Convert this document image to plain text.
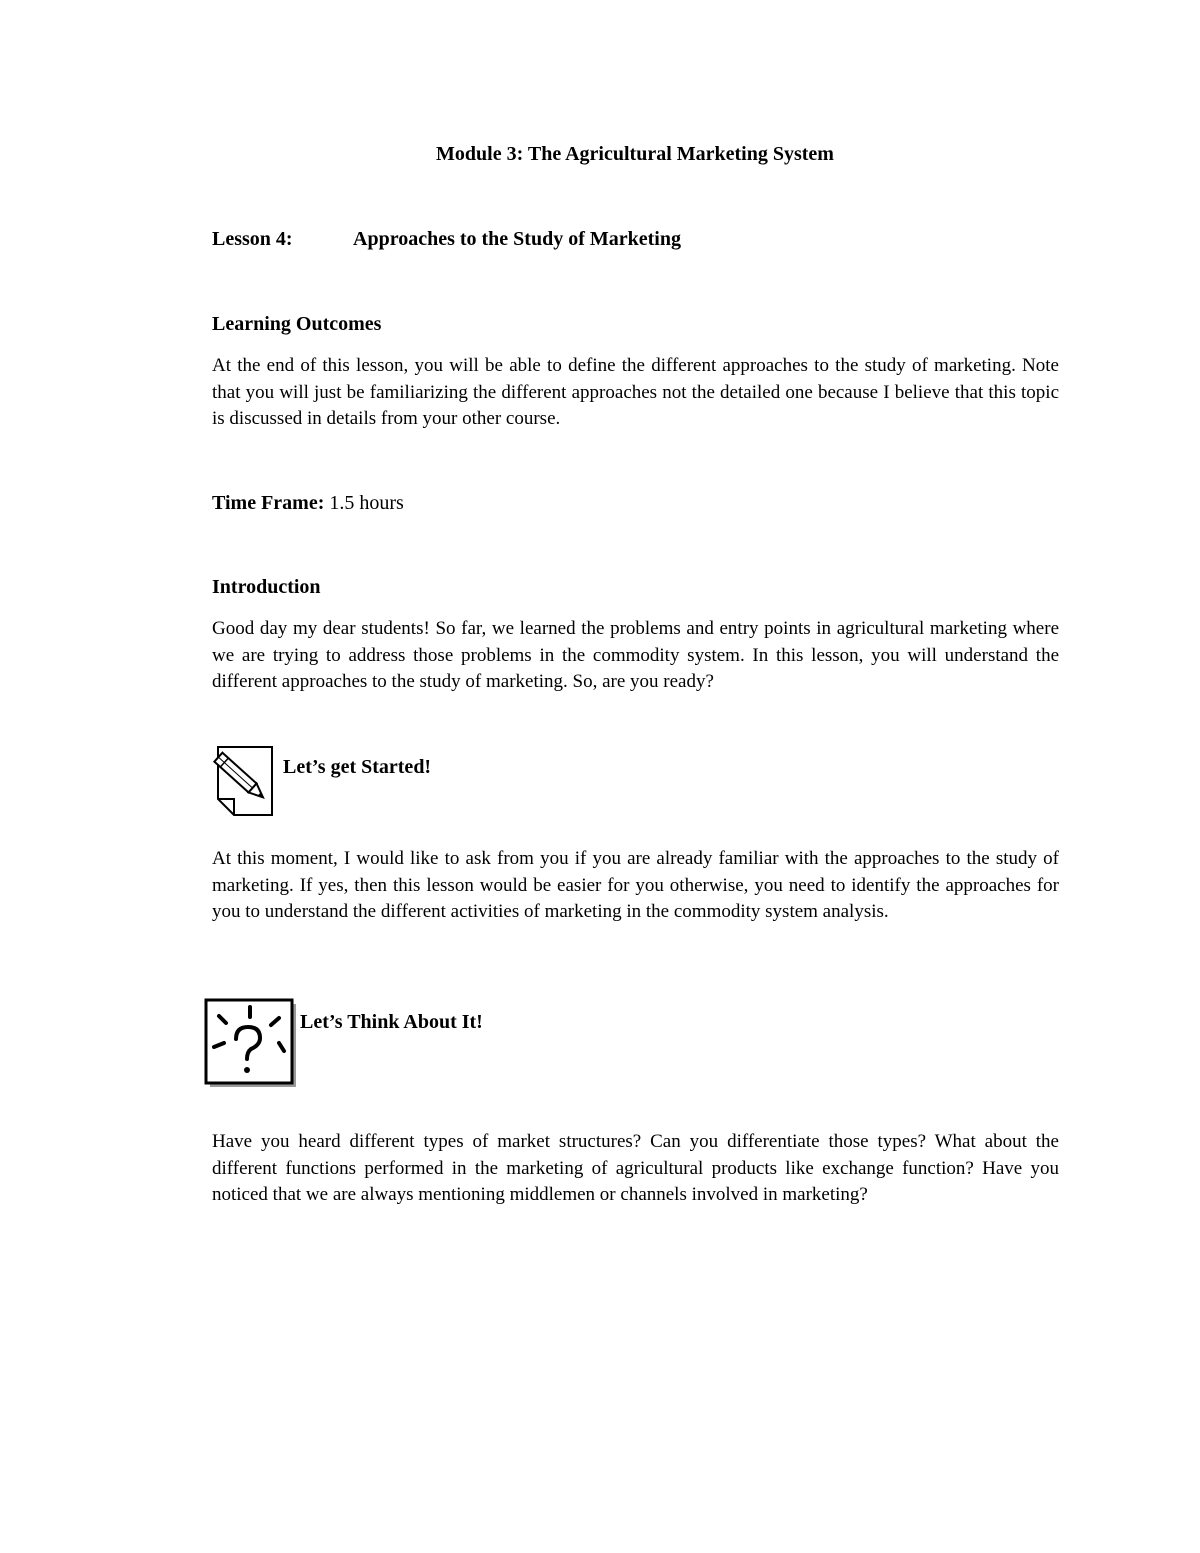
Module 3: The Agricultural Marketing System
Lesson 4:	Approaches to the Study of Marketing
Learning Outcomes
At the end of this lesson, you will be able to define the different approaches to the study of marketing. Note that you will just be familiarizing the different approaches not the detailed one because I believe that this topic is discussed in details from your other course.
Time Frame: 1.5 hours
Introduction
Good day my dear students! So far, we learned the problems and entry points in agricultural marketing where we are trying to address those problems in the commodity system. In this lesson, you will understand the different approaches to the study of marketing. So, are you ready?
Let’s get Started!
At this moment, I would like to ask from you if you are already familiar with the approaches to the study of marketing. If yes, then this lesson would be easier for you otherwise, you need to identify the approaches for you to understand the different activities of marketing in the commodity system analysis.
Let’s Think About It!
Have you heard different types of market structures? Can you differentiate those types? What about the different functions performed in the marketing of agricultural products like exchange function? Have you noticed that we are always mentioning middlemen or channels involved in marketing?
